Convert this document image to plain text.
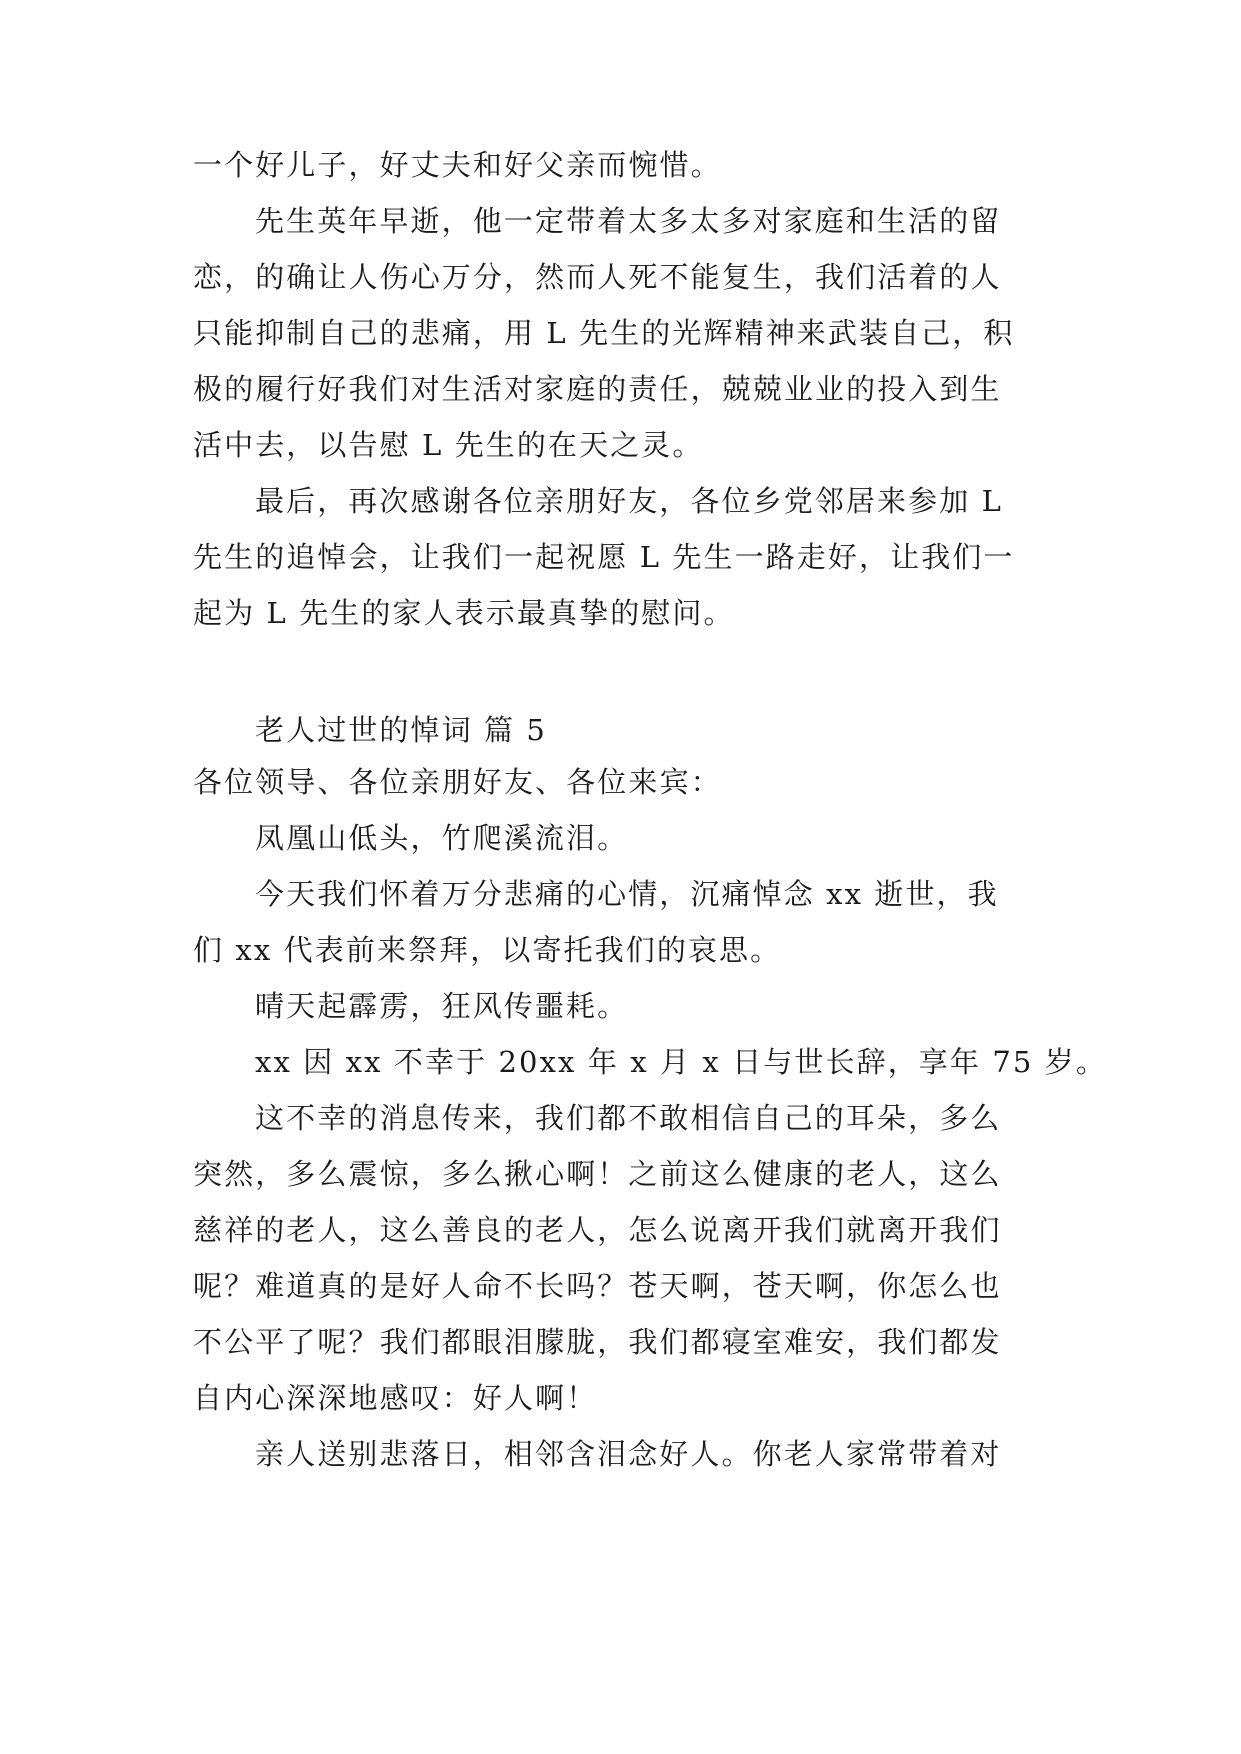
一个好儿子，好丈夫和好父亲而惋惜。
先生英年早逝，他一定带着太多太多对家庭和生活的留
恋，的确让人伤心万分，然而人死不能复生，我们活着的人
只能抑制自己的悲痛，用 L 先生的光辉精神来武装自己，积
极的履行好我们对生活对家庭的责任，兢兢业业的投入到生
活中去，以告慰 L 先生的在天之灵。
最后，再次感谢各位亲朋好友，各位乡党邻居来参加 L
先生的追悼会，让我们一起祝愿 L 先生一路走好，让我们一
起为 L 先生的家人表示最真挚的慰问。
老人过世的悼词 篇 5
各位领导、各位亲朋好友、各位来宾：
凤凰山低头，竹爬溪流泪。
今天我们怀着万分悲痛的心情，沉痛悼念 xx 逝世，我
们 xx 代表前来祭拜，以寄托我们的哀思。
晴天起霹雳，狂风传噩耗。
xx 因 xx 不幸于 20xx 年 x 月 x 日与世长辞，享年 75 岁。
这不幸的消息传来，我们都不敢相信自己的耳朵，多么
突然，多么震惊，多么揪心啊！之前这么健康的老人，这么
慈祥的老人，这么善良的老人，怎么说离开我们就离开我们
呢？难道真的是好人命不长吗？苍天啊，苍天啊，你怎么也
不公平了呢？我们都眼泪朦胧，我们都寝室难安，我们都发
自内心深深地感叹：好人啊！
亲人送别悲落日，相邻含泪念好人。你老人家常带着对
